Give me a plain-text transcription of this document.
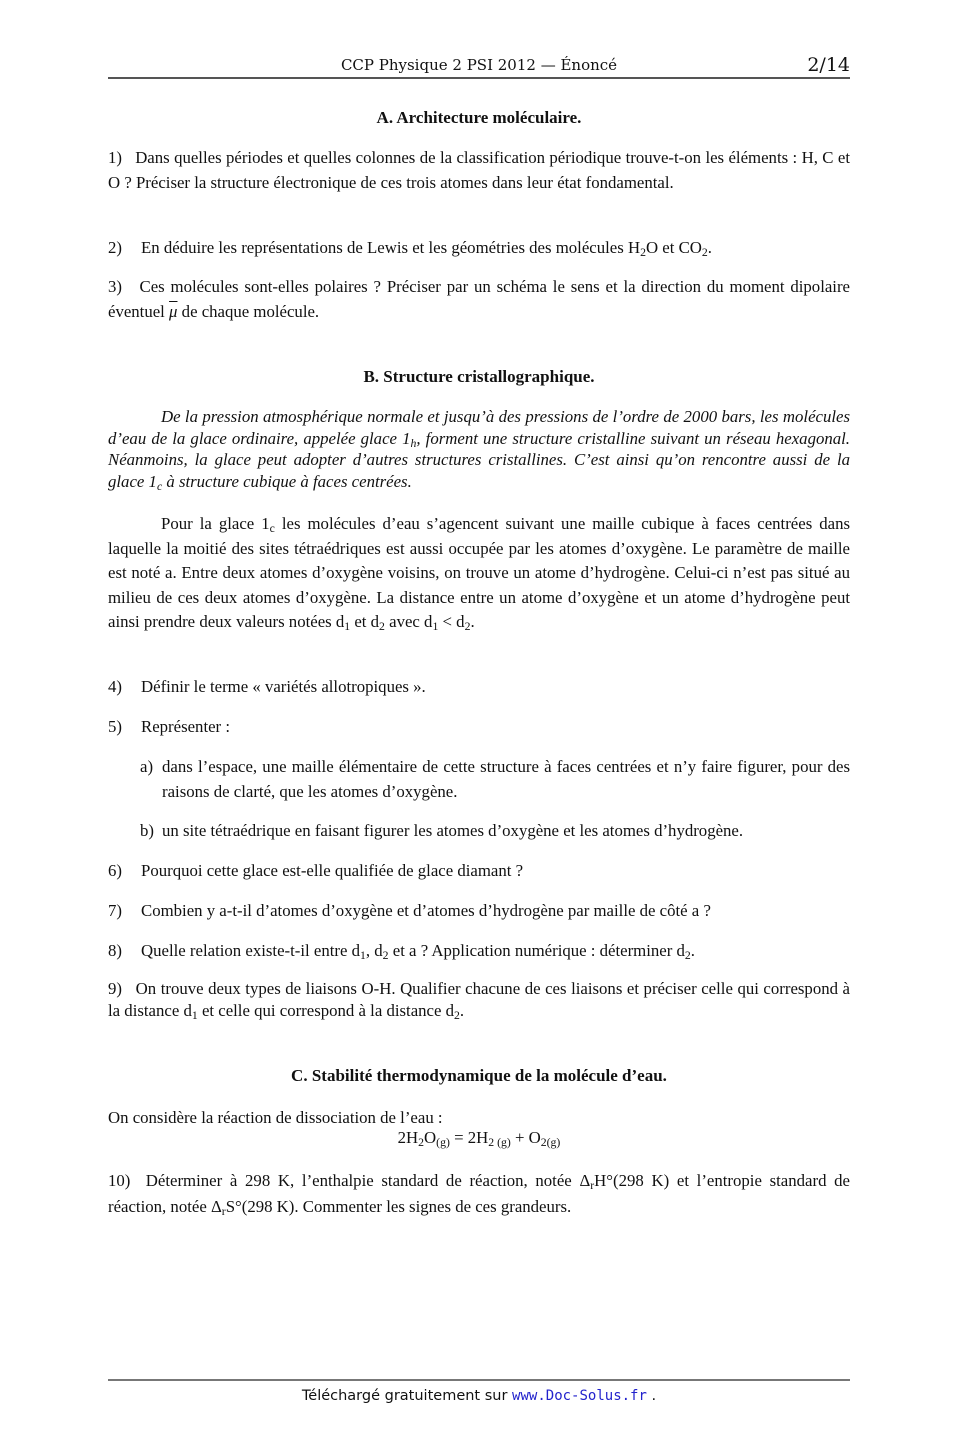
CCP Physique 2 PSI 2012 — Énoncé	2/14
A. Architecture moléculaire.
1) Dans quelles périodes et quelles colonnes de la classification périodique trouve-t-on les éléments : H, C et O ? Préciser la structure électronique de ces trois atomes dans leur état fondamental.
2)	En déduire les représentations de Lewis et les géométries des molécules $H_2O$ et $CO_2$.
3) Ces molécules sont-elles polaires ? Préciser par un schéma le sens et la direction du moment dipolaire éventuel $\overline{\mu}$ de chaque molécule.
B. Structure cristallographique.
De la pression atmosphérique normale et jusqu’à des pressions de l’ordre de 2000 bars, les molécules d’eau de la glace ordinaire, appelée glace $1_h$, forment une structure cristalline suivant un réseau hexagonal. Néanmoins, la glace peut adopter d’autres structures cristallines. C’est ainsi qu’on rencontre aussi de la glace $1_c$ à structure cubique à faces centrées.
Pour la glace $1_c$ les molécules d’eau s’agencent suivant une maille cubique à faces centrées dans laquelle la moitié des sites tétraédriques est aussi occupée par les atomes d’oxygène. Le paramètre de maille est noté a. Entre deux atomes d’oxygène voisins, on trouve un atome d’hydrogène. Celui-ci n’est pas situé au milieu de ces deux atomes d’oxygène. La distance entre un atome d’oxygène et un atome d’hydrogène peut ainsi prendre deux valeurs notées $d_1$ et $d_2$ avec $d_1 < d_2$.
4)	Définir le terme « variétés allotropiques ».
5)	Représenter :
a) dans l’espace, une maille élémentaire de cette structure à faces centrées et n’y faire figurer, pour des raisons de clarté, que les atomes d’oxygène.
b) un site tétraédrique en faisant figurer les atomes d’oxygène et les atomes d’hydrogène.
6)	Pourquoi cette glace est-elle qualifiée de glace diamant ?
7)	Combien y a-t-il d’atomes d’oxygène et d’atomes d’hydrogène par maille de côté a ?
8)	Quelle relation existe-t-il entre $d_1$, $d_2$ et a ? Application numérique : déterminer $d_2$.
9) On trouve deux types de liaisons O-H. Qualifier chacune de ces liaisons et préciser celle qui correspond à la distance $d_1$ et celle qui correspond à la distance $d_2$.
C. Stabilité thermodynamique de la molécule d’eau.
On considère la réaction de dissociation de l’eau :
$2H_2O_{(g)} = 2H_{2 (g)} + O_{2(g)}$
10) Déterminer à 298 K, l’enthalpie standard de réaction, notée $\Delta_rH^\circ(298$ K) et l’entropie standard de réaction, notée $\Delta_rS^\circ(298$ K). Commenter les signes de ces grandeurs.
Téléchargé gratuitement sur www.Doc-Solus.fr .
